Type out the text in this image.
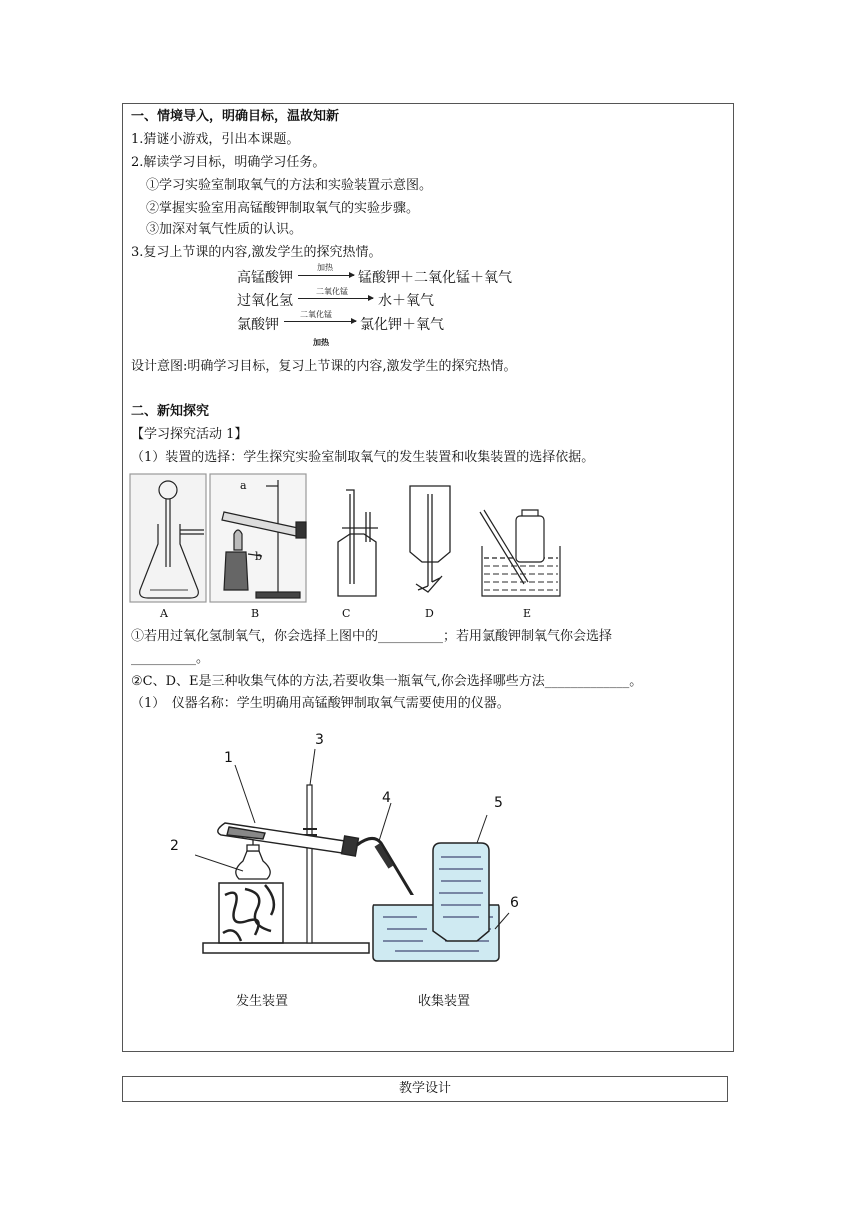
一、情境导入，明确目标，温故知新
1.猜谜小游戏，引出本课题。
2.解读学习目标，明确学习任务。
①学习实验室制取氧气的方法和实验装置示意图。
②掌握实验室用高锰酸钾制取氧气的实验步骤。
③加深对氧气性质的认识。
3.复习上节课的内容,激发学生的探究热情。
高锰酸钾
加热
锰酸钾＋二氧化锰＋氧气
过氧化氢
二氧化锰
水＋氧气
氯酸钾
二氧化锰
加热
氯化钾＋氧气
设计意图:明确学习目标，复习上节课的内容,激发学生的探究热情。
二、新知探究
【学习探究活动 1】
（1）装置的选择：学生探究实验室制取氧气的发生装置和收集装置的选择依据。
a
b
A	B	C	D	E
①若用过氧化氢制氧气，你会选择上图中的__________；若用氯酸钾制氧气你会选择
__________。
②C、D、E是三种收集气体的方法,若要收集一瓶氧气,你会选择哪些方法_____________。
（1）　仪器名称：学生明确用高锰酸钾制取氧气需要使用的仪器。
1
2
3
4	5
6
发生装置	收集装置
教学设计
